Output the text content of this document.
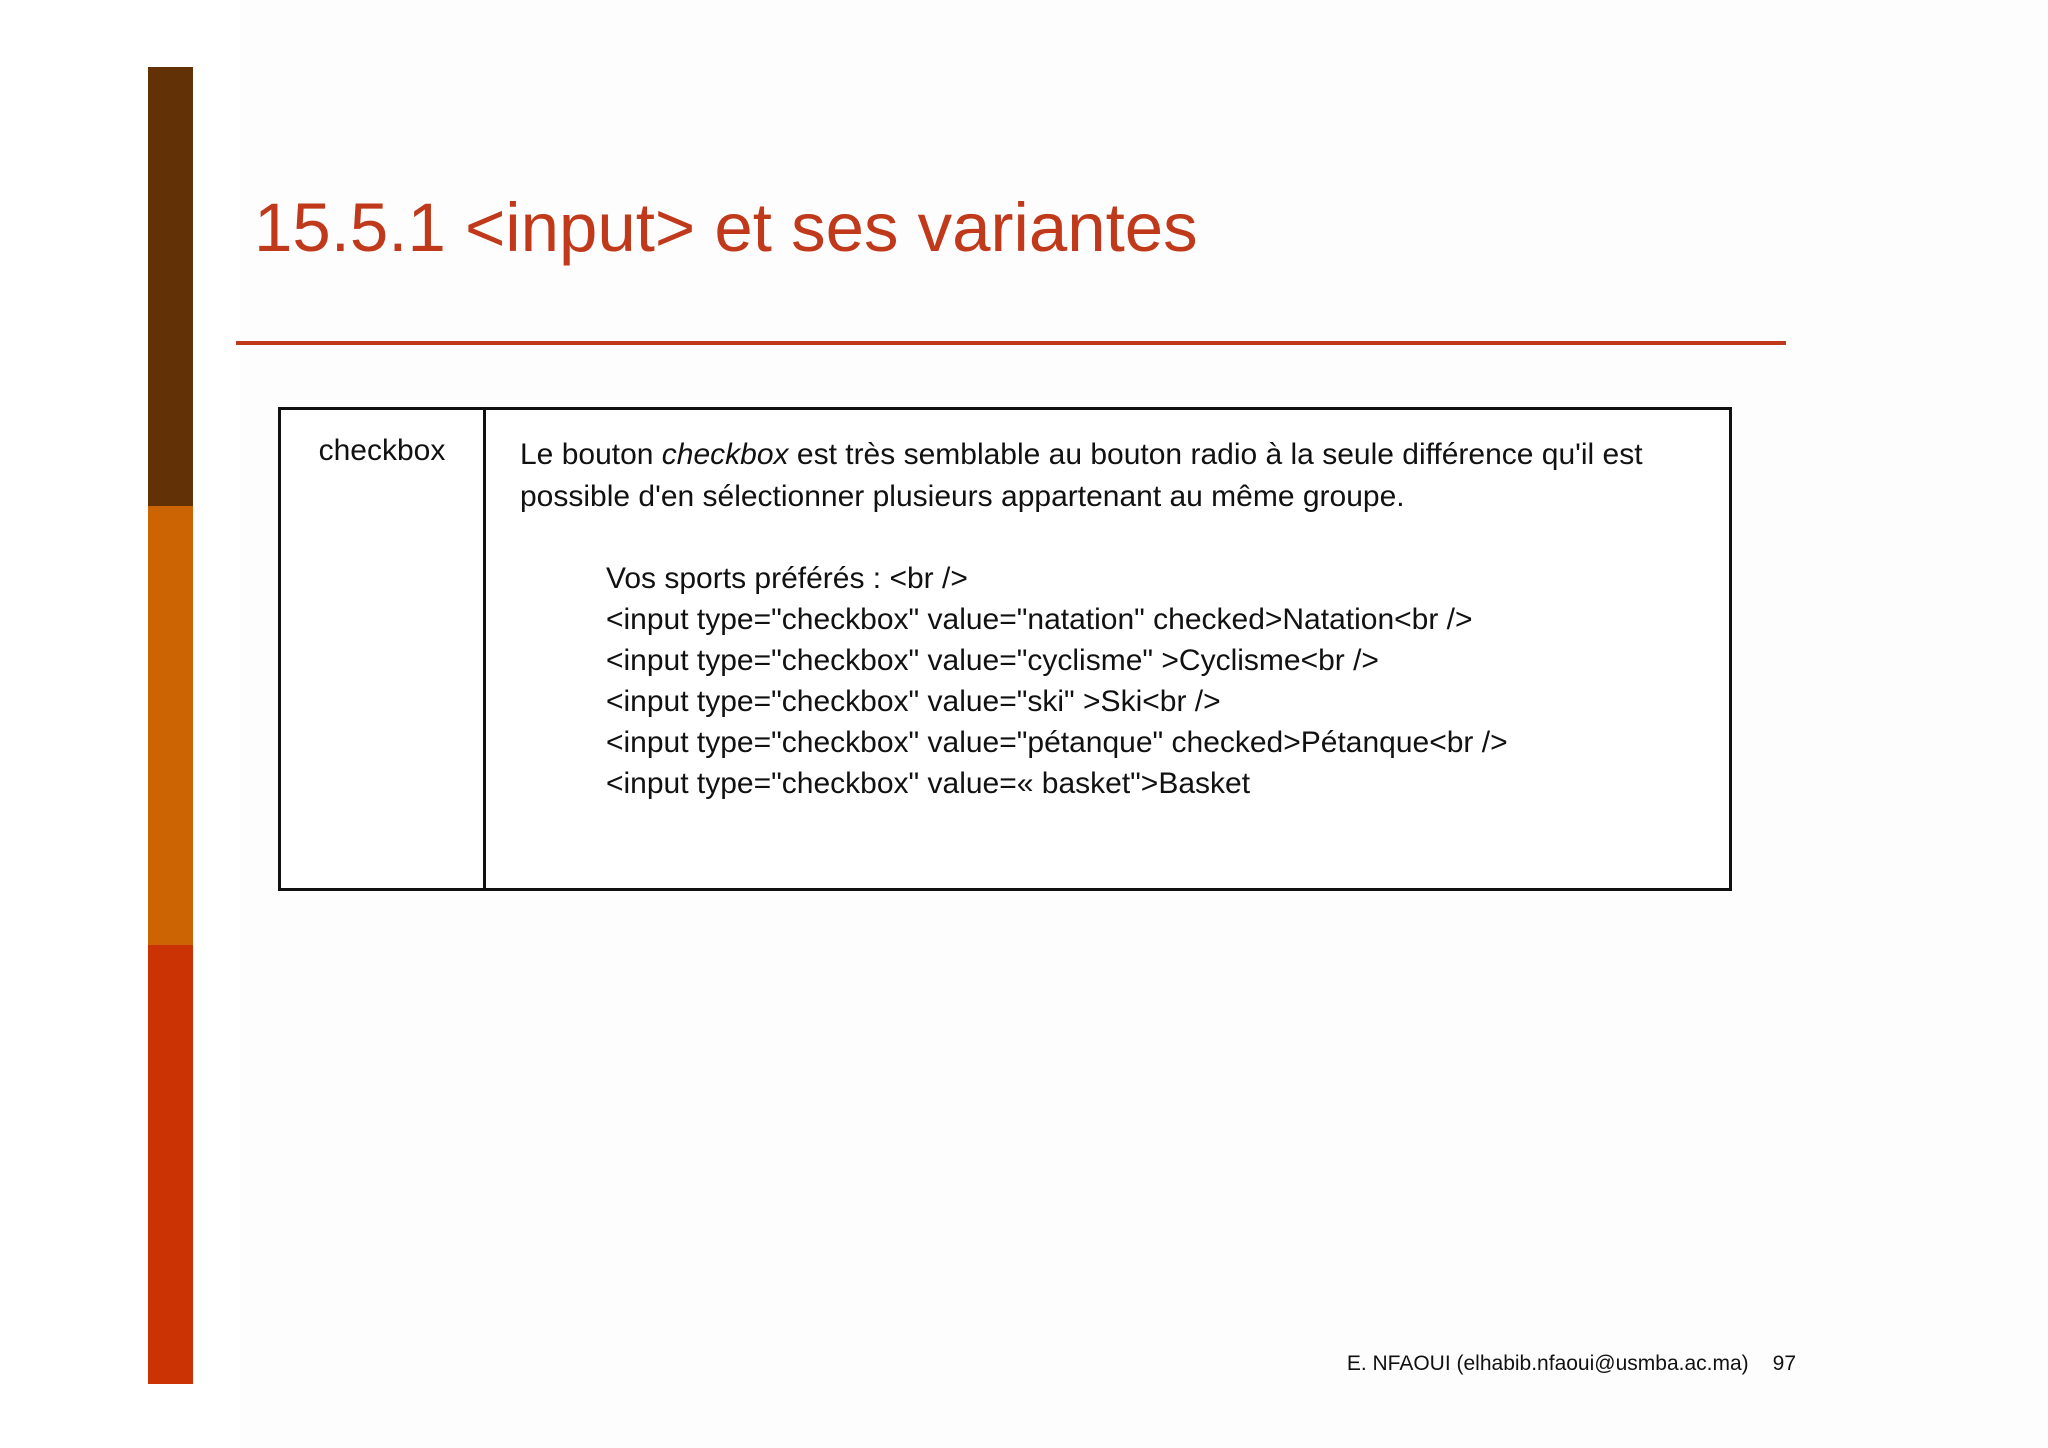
15.5.1 <input> et ses variantes
checkbox	Le bouton checkbox est très semblable au bouton radio à la seule différence qu'il est possible d'en sélectionner plusieurs appartenant au même groupe.

Vos sports préférés : <br />
<input type="checkbox" value="natation" checked>Natation<br />
<input type="checkbox" value="cyclisme" >Cyclisme<br />
<input type="checkbox" value="ski" >Ski<br />
<input type="checkbox" value="pétanque" checked>Pétanque<br />
<input type="checkbox" value=« basket">Basket
E. NFAOUI (elhabib.nfaoui@usmba.ac.ma) 97
